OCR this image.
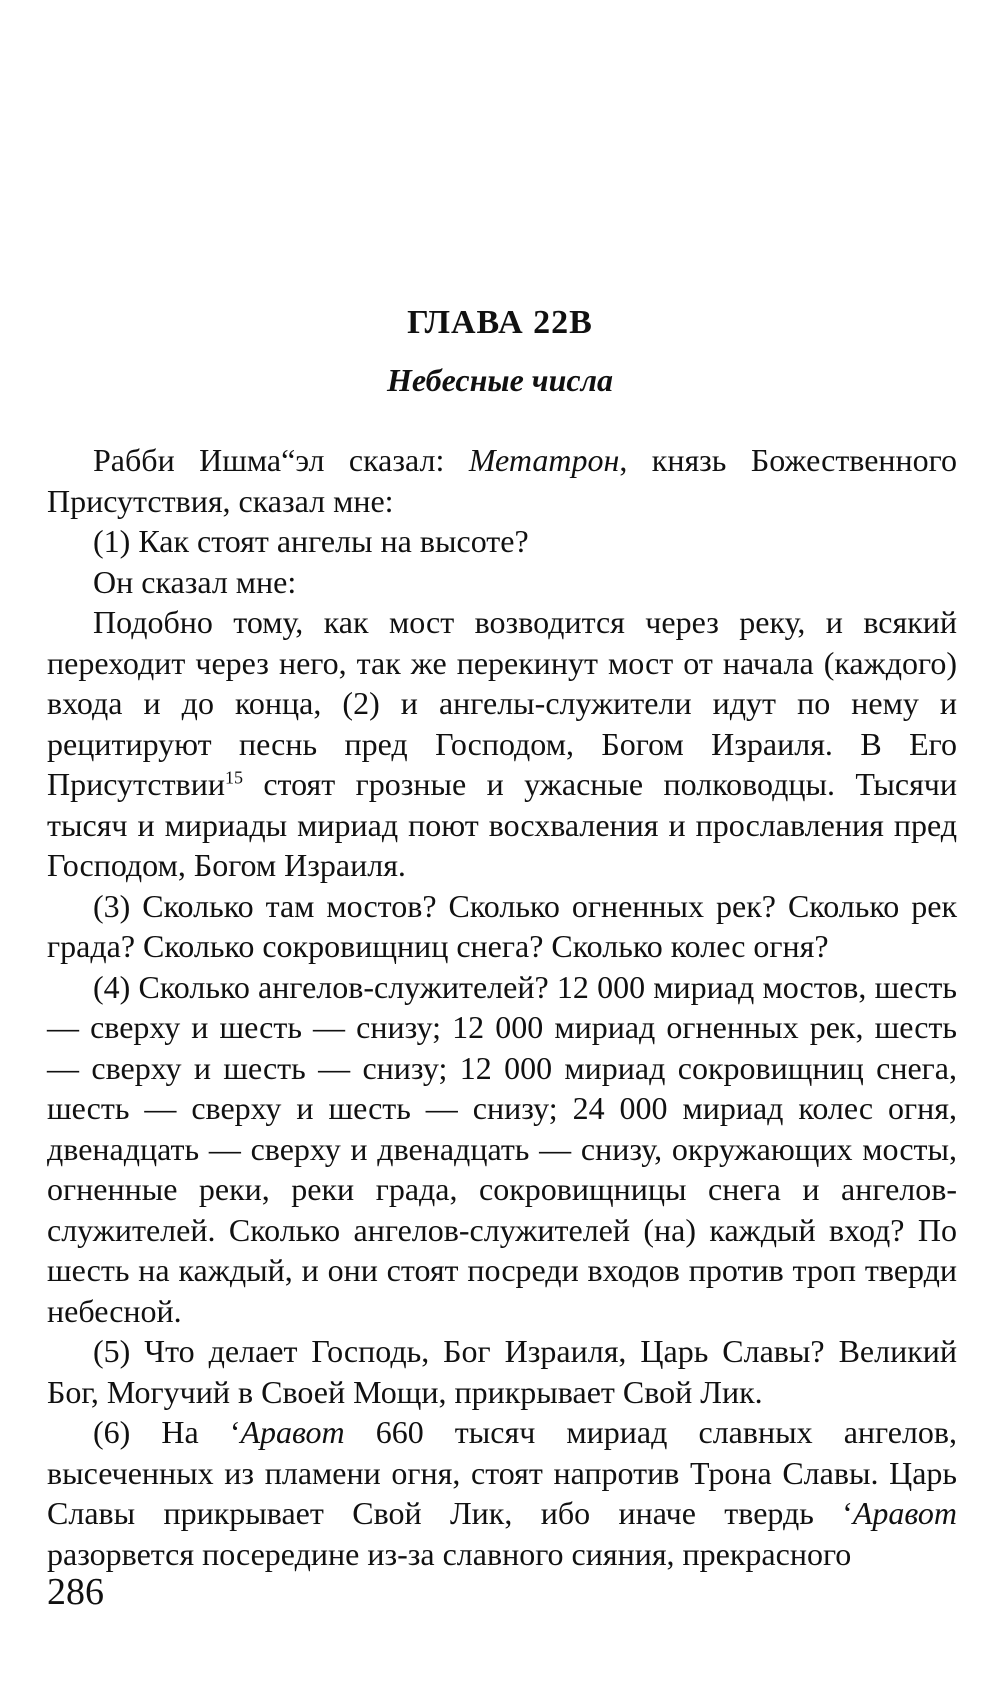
ГЛАВА 22B
Небесные числа

Рабби Ишма“эл сказал: Метатрон, князь Божественного Присутствия, сказал мне:

(1) Как стоят ангелы на высоте?

Он сказал мне:

Подобно тому, как мост возводится через реку, и всякий переходит через него, так же перекинут мост от начала (каждого) входа и до конца, (2) и ангелы-служители идут по нему и рецитируют песнь пред Господом, Богом Израиля. В Его Присутствии$^{15}$ стоят грозные и ужасные полководцы. Тысячи тысяч и мириады мириад поют восхваления и прославления пред Господом, Богом Израиля.

(3) Сколько там мостов? Сколько огненных рек? Сколько рек града? Сколько сокровищниц снега? Сколько колес огня?

(4) Сколько ангелов-служителей? 12 000 мириад мостов, шесть — сверху и шесть — снизу; 12 000 мириад огненных рек, шесть — сверху и шесть — снизу; 12 000 мириад сокровищниц снега, шесть — сверху и шесть — снизу; 24 000 мириад колес огня, двенадцать — сверху и двенадцать — снизу, окружающих мосты, огненные реки, реки града, сокровищницы снега и ангелов-служителей. Сколько ангелов-служителей (на) каждый вход? По шесть на каждый, и они стоят посреди входов против троп тверди небесной.

(5) Что делает Господь, Бог Израиля, Царь Славы? Великий Бог, Могучий в Своей Мощи, прикрывает Свой Лик.

(6) На ‘Аравот 660 тысяч мириад славных ангелов, высеченных из пламени огня, стоят напротив Трона Славы. Царь Славы прикрывает Свой Лик, ибо иначе твердь ‘Аравот разорвется посередине из-за славного сияния, прекрасного

286
